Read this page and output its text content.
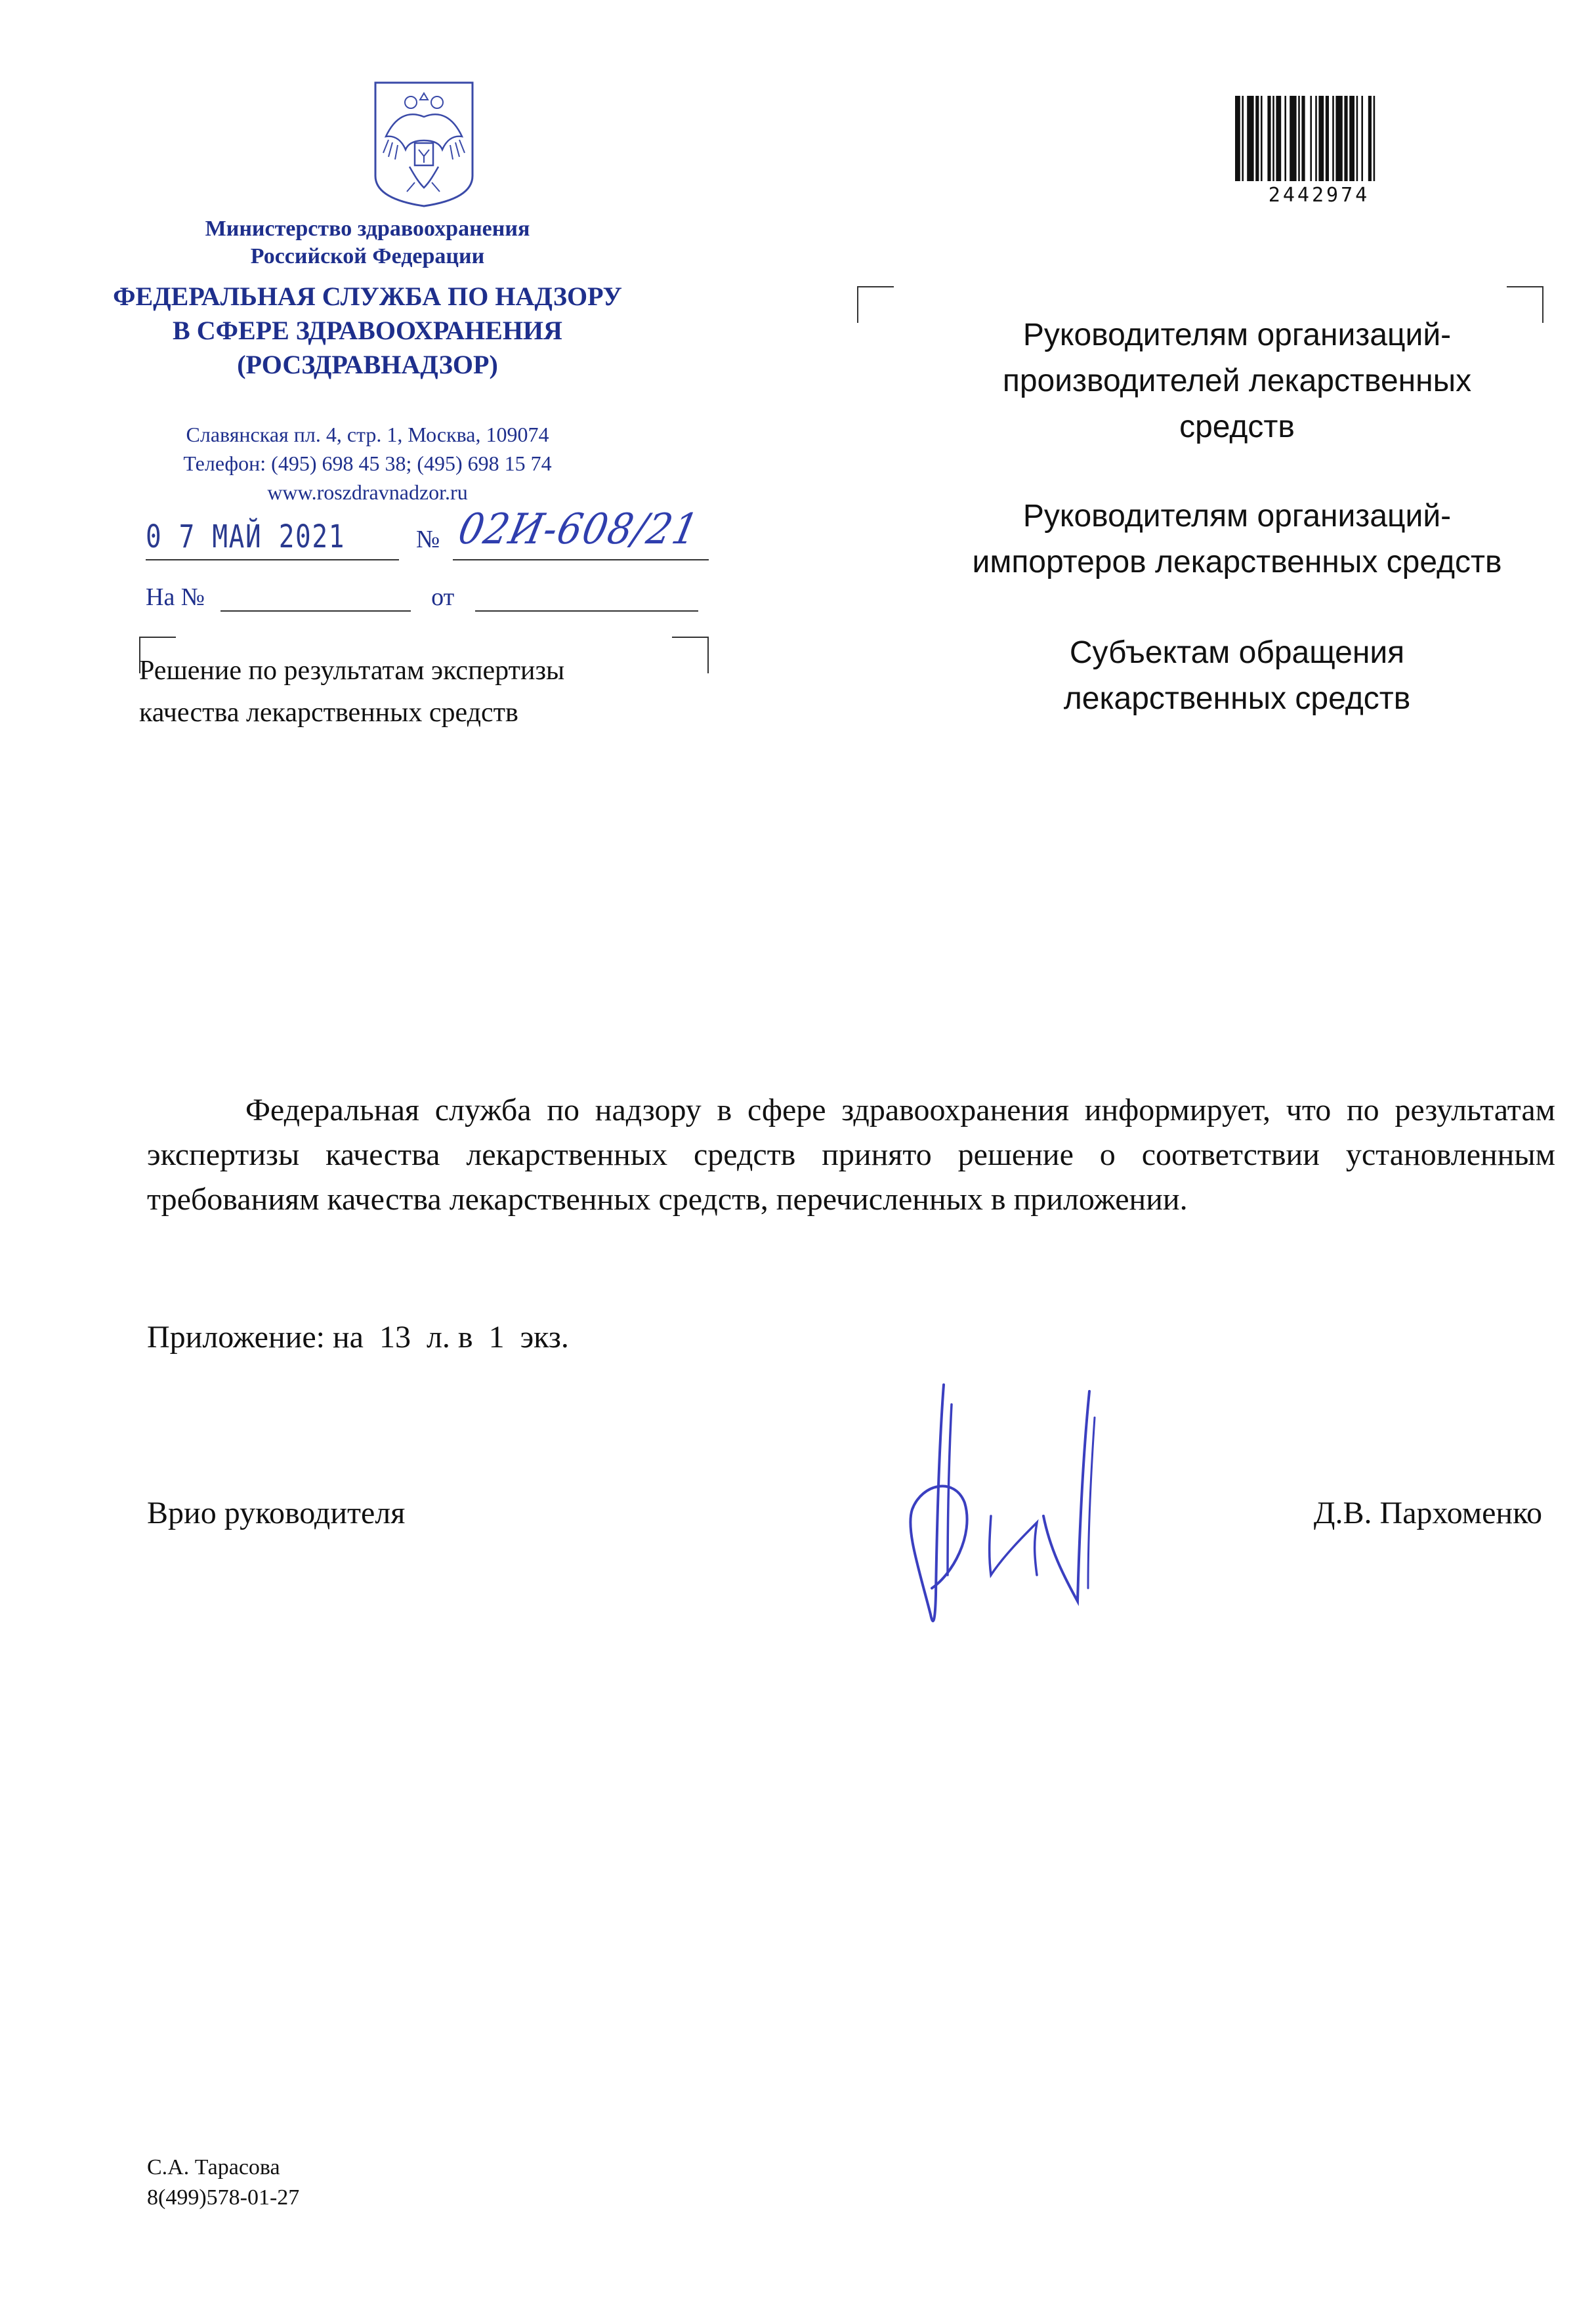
Министерство здравоохранения
Российской Федерации
ФЕДЕРАЛЬНАЯ СЛУЖБА ПО НАДЗОРУ
В СФЕРЕ ЗДРАВООХРАНЕНИЯ
(РОСЗДРАВНАДЗОР)
Славянская пл. 4, стр. 1, Москва, 109074
Телефон: (495) 698 45 38; (495) 698 15 74
www.roszdravnadzor.ru
0 7 МАЙ 2021	№ 02И-608/21
На №	от
Решение по результатам экспертизы
качества лекарственных средств
2442974
Руководителям организаций-
производителей лекарственных
средств
Руководителям организаций-
импортеров лекарственных средств
Субъектам обращения
лекарственных средств
Федеральная служба по надзору в сфере здравоохранения информирует, что по результатам экспертизы качества лекарственных средств принято решение о соответствии установленным требованиям качества лекарственных средств, перечисленных в приложении.
Приложение: на  13  л. в  1  экз.
Врио руководителя	Д.В. Пархоменко
С.А. Тарасова
8(499)578-01-27
